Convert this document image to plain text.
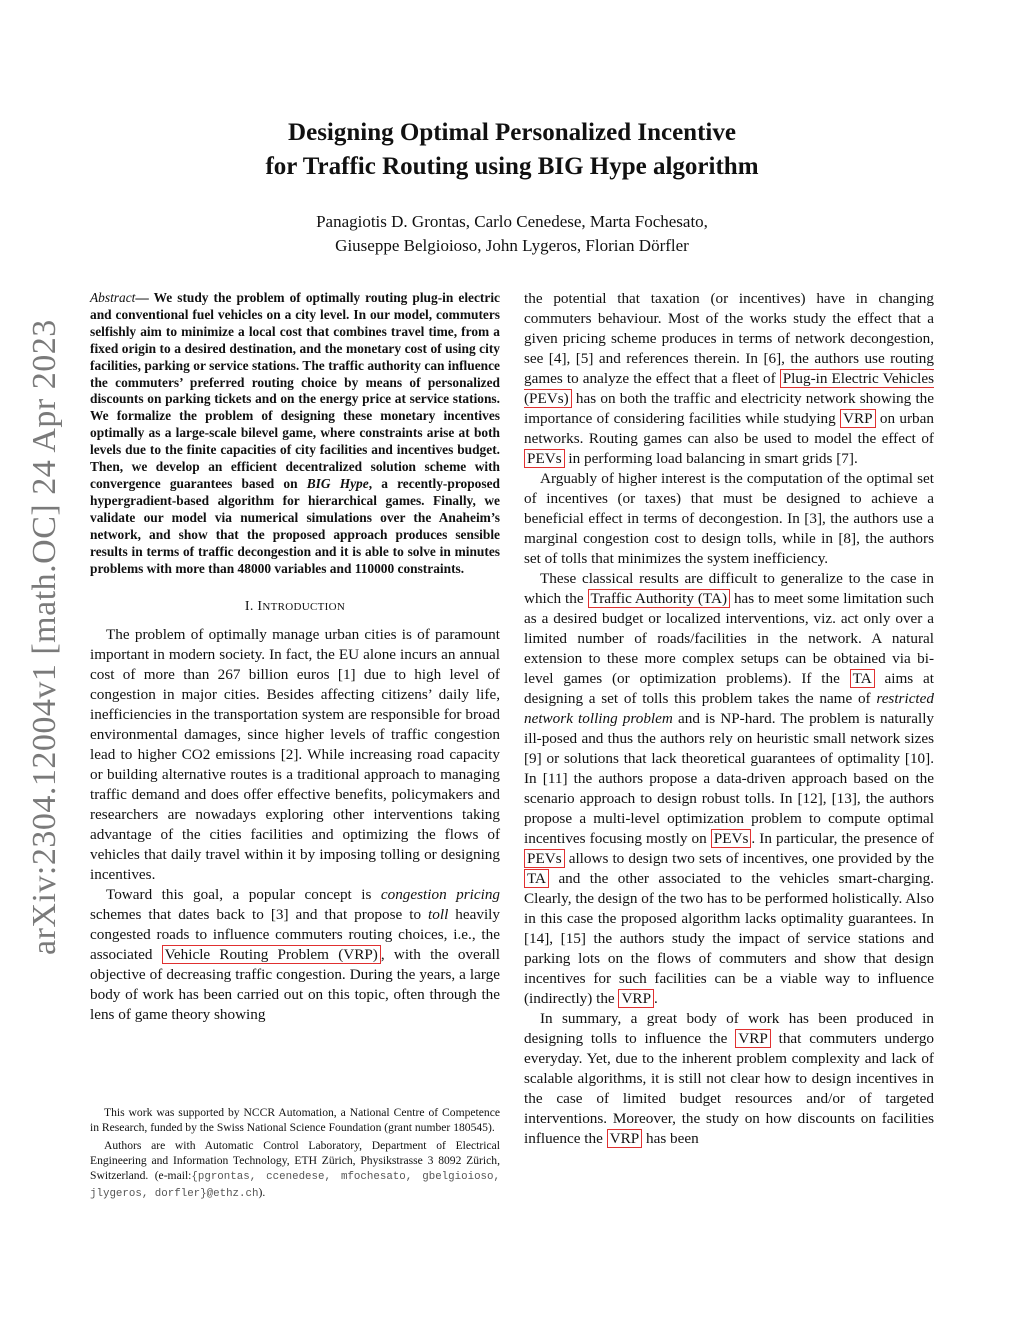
arXiv:2304.12004v1 [math.OC] 24 Apr 2023
Designing Optimal Personalized Incentive
for Traffic Routing using BIG Hype algorithm
Panagiotis D. Grontas, Carlo Cenedese, Marta Fochesato,
Giuseppe Belgioioso, John Lygeros, Florian Dörfler

Abstract— We study the problem of optimally routing plug-in electric and conventional fuel vehicles on a city level. In our model, commuters selfishly aim to minimize a local cost that combines travel time, from a fixed origin to a desired destination, and the monetary cost of using city facilities, parking or service stations. The traffic authority can influence the commuters’ preferred routing choice by means of personalized discounts on parking tickets and on the energy price at service stations. We formalize the problem of designing these monetary incentives optimally as a large-scale bilevel game, where constraints arise at both levels due to the finite capacities of city facilities and incentives budget. Then, we develop an efficient decentralized solution scheme with convergence guarantees based on BIG Hype, a recently-proposed hypergradient-based algorithm for hierarchical games. Finally, we validate our model via numerical simulations over the Anaheim’s network, and show that the proposed approach produces sensible results in terms of traffic decongestion and it is able to solve in minutes problems with more than 48000 variables and 110000 constraints.

I. INTRODUCTION

The problem of optimally manage urban cities is of paramount important in modern society. In fact, the EU alone incurs an annual cost of more than 267 billion euros [1] due to high level of congestion in major cities. Besides affecting citizens’ daily life, inefficiencies in the transportation system are responsible for broad environmental damages, since higher levels of traffic congestion lead to higher CO2 emissions [2]. While increasing road capacity or building alternative routes is a traditional approach to managing traffic demand and does offer effective benefits, policymakers and researchers are nowadays exploring other interventions taking advantage of the cities facilities and optimizing the flows of vehicles that daily travel within it by imposing tolling or designing incentives.

Toward this goal, a popular concept is congestion pricing schemes that dates back to [3] and that propose to toll heavily congested roads to influence commuters routing choices, i.e., the associated Vehicle Routing Problem (VRP) , with the overall objective of decreasing traffic congestion. During the years, a large body of work has been carried out on this topic, often through the lens of game theory showing

This work was supported by NCCR Automation, a National Centre of Competence in Research, funded by the Swiss National Science Foundation (grant number 180545).

Authors are with Automatic Control Laboratory, Department of Electrical Engineering and Information Technology, ETH Zürich, Physikstrasse 3 8092 Zürich, Switzerland. (e-mail:{pgrontas, ccenedese, mfochesato, gbelgioioso, jlygeros, dorfler}@ethz.ch).

the potential that taxation (or incentives) have in changing commuters behaviour. Most of the works study the effect that a given pricing scheme produces in terms of network decongestion, see [4], [5] and references therein. In [6], the authors use routing games to analyze the effect that a fleet of Plug-in Electric Vehicles (PEVs) has on both the traffic and electricity network showing the importance of considering facilities while studying VRP on urban networks. Routing games can also be used to model the effect of PEVs in performing load balancing in smart grids [7].

Arguably of higher interest is the computation of the optimal set of incentives (or taxes) that must be designed to achieve a beneficial effect in terms of decongestion. In [3], the authors use a marginal congestion cost to design tolls, while in [8], the authors set of tolls that minimizes the system inefficiency.

These classical results are difficult to generalize to the case in which the Traffic Authority (TA) has to meet some limitation such as a desired budget or localized interventions, viz. act only over a limited number of roads/facilities in the network. A natural extension to these more complex setups can be obtained via bi-level games (or optimization problems). If the TA aims at designing a set of tolls this problem takes the name of restricted network tolling problem and is NP-hard. The problem is naturally ill-posed and thus the authors rely on heuristic small network sizes [9] or solutions that lack theoretical guarantees of optimality [10]. In [11] the authors propose a data-driven approach based on the scenario approach to design robust tolls. In [12], [13], the authors propose a multi-level optimization problem to compute optimal incentives focusing mostly on PEVs . In particular, the presence of PEVs allows to design two sets of incentives, one provided by the TA and the other associated to the vehicles smart-charging. Clearly, the design of the two has to be performed holistically. Also in this case the proposed algorithm lacks optimality guarantees. In [14], [15] the authors study the impact of service stations and parking lots on the flows of commuters and show that design incentives for such facilities can be a viable way to influence (indirectly) the VRP .

In summary, a great body of work has been produced in designing tolls to influence the VRP that commuters undergo everyday. Yet, due to the inherent problem complexity and lack of scalable algorithms, it is still not clear how to design incentives in the case of limited budget resources and/or of targeted interventions. Moreover, the study on how discounts on facilities influence the VRP has been
